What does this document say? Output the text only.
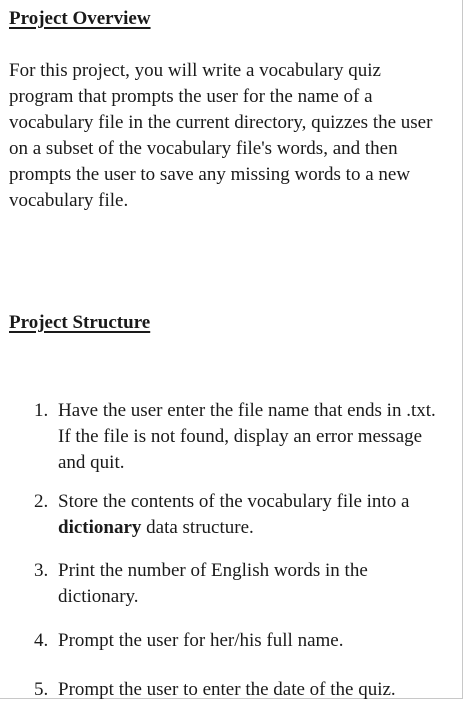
Project Overview

For this project, you will write a vocabulary quiz program that prompts the user for the name of a vocabulary file in the current directory, quizzes the user on a subset of the vocabulary file's words, and then prompts the user to save any missing words to a new vocabulary file.

Project Structure
1. Have the user enter the file name that ends in .txt. If the file is not found, display an error message and quit.
2. Store the contents of the vocabulary file into a dictionary data structure.
3. Print the number of English words in the dictionary.
4. Prompt the user for her/his full name.
5. Prompt the user to enter the date of the quiz.
